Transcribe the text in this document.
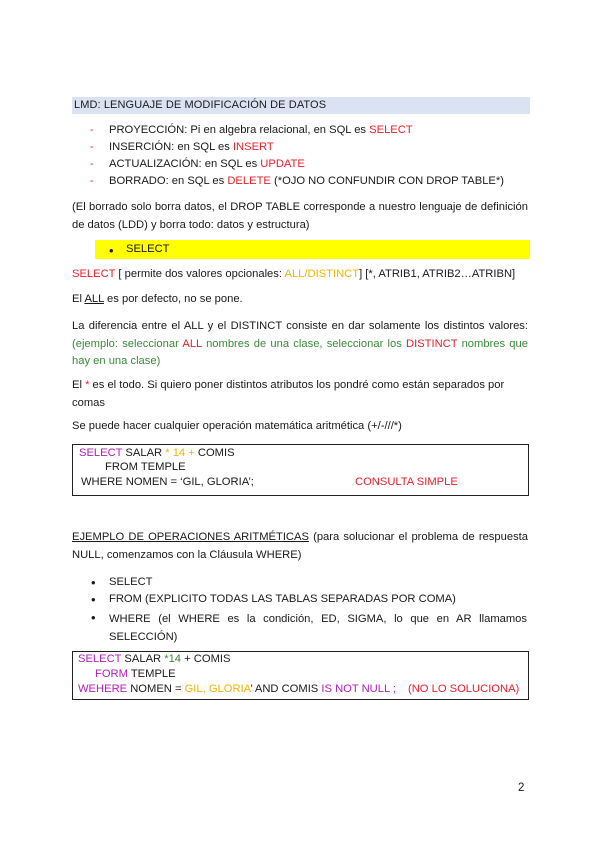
LMD: LENGUAJE DE MODIFICACIÓN DE DATOS
- PROYECCIÓN: Pi en algebra relacional, en SQL es SELECT
- INSERCIÓN: en SQL es INSERT
- ACTUALIZACIÓN: en SQL es UPDATE
- BORRADO: en SQL es DELETE (*OJO NO CONFUNDIR CON DROP TABLE*)

(El borrado solo borra datos, el DROP TABLE corresponde a nuestro lenguaje de definición de datos (LDD) y borra todo: datos y estructura)

• SELECT
SELECT [ permite dos valores opcionales: ALL/DISTINCT] [*, ATRIB1, ATRIB2…ATRIBN]
El ALL es por defecto, no se pone.

La diferencia entre el ALL y el DISTINCT consiste en dar solamente los distintos valores: (ejemplo: seleccionar ALL nombres de una clase, seleccionar los DISTINCT nombres que hay en una clase)

El * es el todo. Si quiero poner distintos atributos los pondré como están separados por comas

Se puede hacer cualquier operación matemática aritmética (+/-///*)
SELECT SALAR * 14 + COMIS
FROM TEMPLE
WHERE NOMEN = ‘GIL, GLORIA’;	CONSULTA SIMPLE

EJEMPLO DE OPERACIONES ARITMÉTICAS (para solucionar el problema de respuesta NULL, comenzamos con la Cláusula WHERE)

• SELECT
• FROM (EXPLICITO TODAS LAS TABLAS SEPARADAS POR COMA)
• WHERE (el WHERE es la condición, ED, SIGMA, lo que en AR llamamos SELECCIÓN)

SELECT SALAR *14 + COMIS
FORM TEMPLE
WEHERE NOMEN = GIL, GLORIA’ AND COMIS IS NOT NULL ; (NO LO SOLUCIONA)
2
